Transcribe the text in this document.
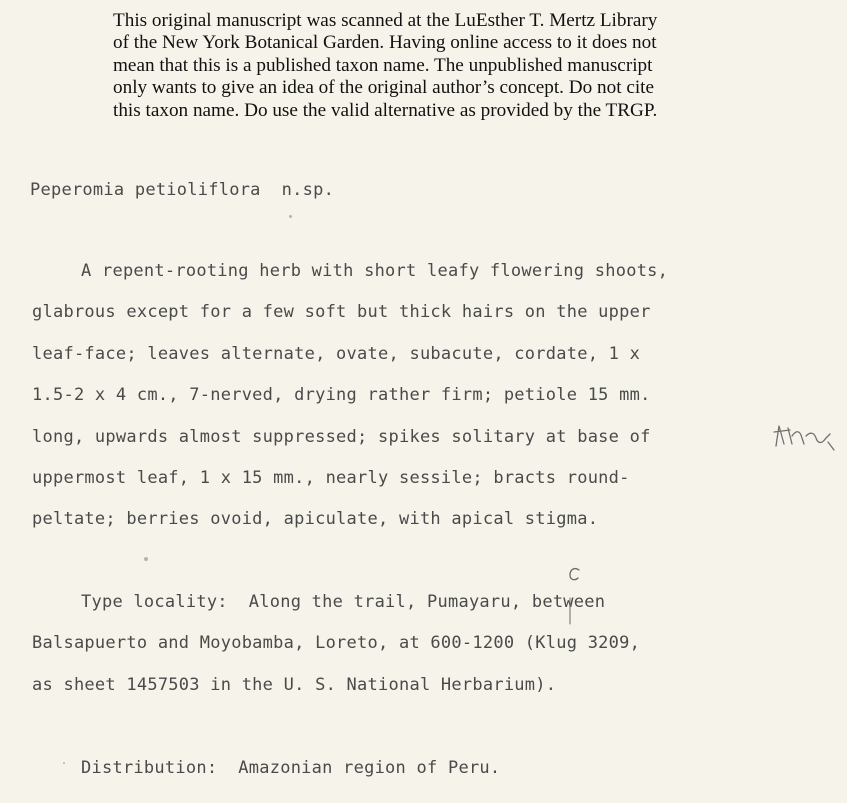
This original manuscript was scanned at the LuEsther T. Mertz Library
of the New York Botanical Garden. Having online access to it does not
mean that this is a published taxon name. The unpublished manuscript
only wants to give an idea of the original author’s concept. Do not cite
this taxon name. Do use the valid alternative as provided by the TRGP.
Peperomia petioliflora  n.sp.
A repent-rooting herb with short leafy flowering shoots,
glabrous except for a few soft but thick hairs on the upper
leaf-face; leaves alternate, ovate, subacute, cordate, 1 x
1.5-2 x 4 cm., 7-nerved, drying rather firm; petiole 15 mm.
long, upwards almost suppressed; spikes solitary at base of
uppermost leaf, 1 x 15 mm., nearly sessile; bracts round-
peltate; berries ovoid, apiculate, with apical stigma.
Type locality:  Along the trail, Pumayaru, between
Balsapuerto and Moyobamba, Loreto, at 600-1200 (Klug 3209,
as sheet 1457503 in the U. S. National Herbarium).
Distribution:  Amazonian region of Peru.
